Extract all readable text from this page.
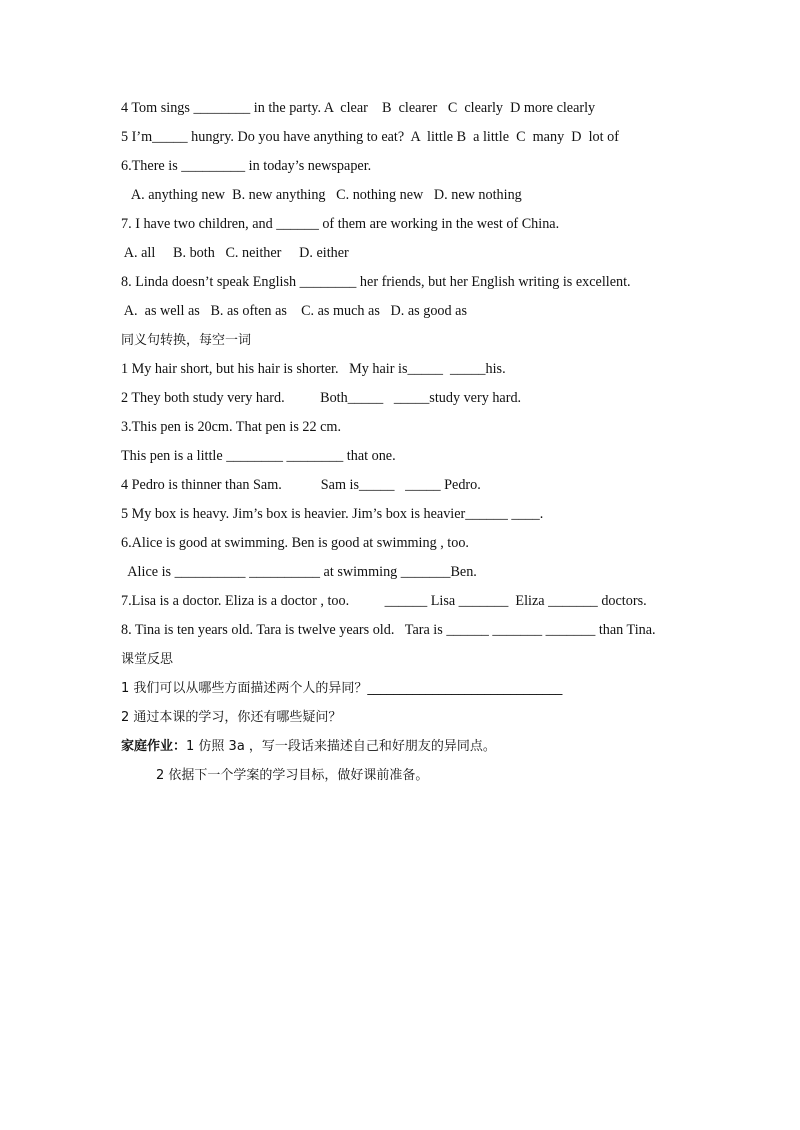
4 Tom sings ________ in the party. A  clear    B  clearer   C  clearly  D more clearly
5 I’m_____ hungry. Do you have anything to eat?  A  little B  a little  C  many  D  lot of
6.There is _________ in today’s newspaper.
A. anything new  B. new anything   C. nothing new   D. new nothing
7. I have two children, and ______ of them are working in the west of China.
A. all     B. both   C. neither     D. either
8. Linda doesn’t speak English ________ her friends, but her English writing is excellent.
A.  as well as   B. as often as    C. as much as   D. as good as
同义句转换，每空一词
1 My hair short, but his hair is shorter.   My hair is_____  _____his.
2 They both study very hard.          Both_____   _____study very hard.
3.This pen is 20cm. That pen is 22 cm.
This pen is a little ________ ________ that one.
4 Pedro is thinner than Sam.           Sam is_____   _____ Pedro.
5 My box is heavy. Jim’s box is heavier. Jim’s box is heavier______ ____.
6.Alice is good at swimming. Ben is good at swimming , too.
Alice is __________ __________ at swimming _______Ben.
7.Lisa is a doctor. Eliza is a doctor , too.          ______ Lisa _______  Eliza _______ doctors.
8. Tina is ten years old. Tara is twelve years old.   Tara is ______ _______ _______ than Tina.
课堂反思
1 我们可以从哪些方面描述两个人的异同？______________________________
2 通过本课的学习，你还有哪些疑问？
家庭作业：1 仿照 3a ，写一段话来描述自己和好朋友的异同点。
2 依据下一个学案的学习目标，做好课前准备。
